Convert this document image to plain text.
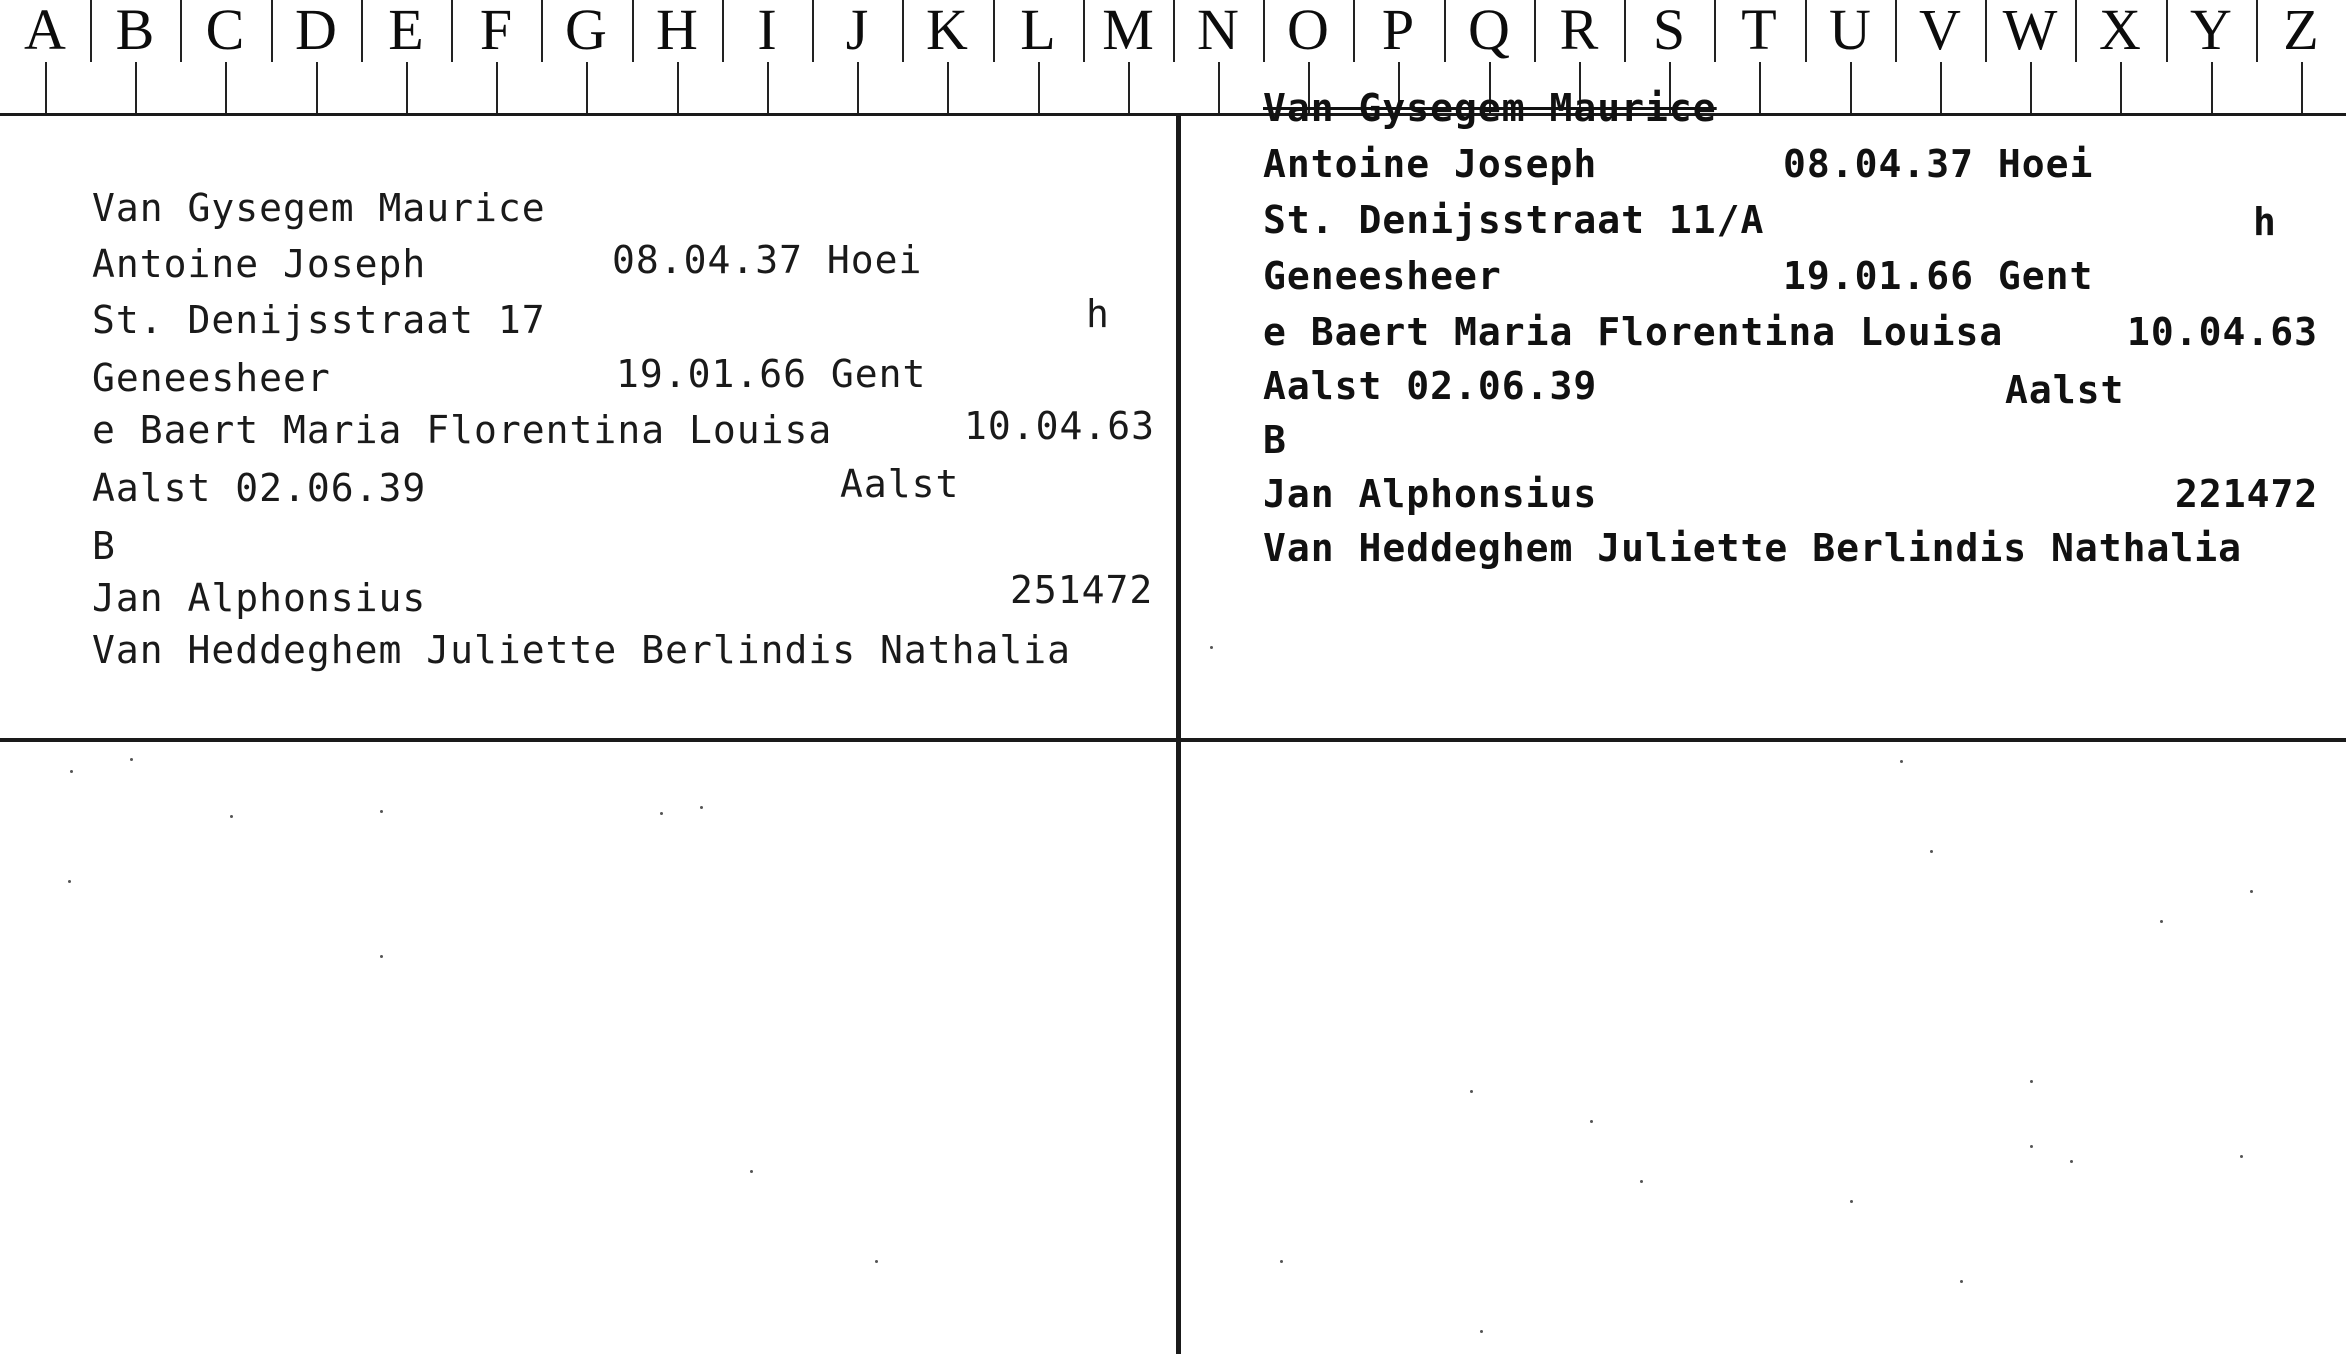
A B C D E F G H	I	J K L M N O P Q R S T U V W X Y Z
Van Gysegem Maurice
Antoine Joseph	08.04.37 Hoei
St. Denijsstraat 17	h
Geneesheer	19.01.66 Gent
e Baert Maria Florentina Louisa	10.04.63
Aalst 02.06.39	Aalst
B
Jan Alphonsius	251472
Van Heddeghem Juliette Berlindis Nathalia
Van Gysegem Maurice
Antoine Joseph	08.04.37 Hoei
St. Denijsstraat 11/A	h
Geneesheer	19.01.66 Gent
e Baert Maria Florentina Louisa	10.04.63
Aalst 02.06.39	Aalst
B
Jan Alphonsius	221472
Van Heddeghem Juliette Berlindis Nathalia
